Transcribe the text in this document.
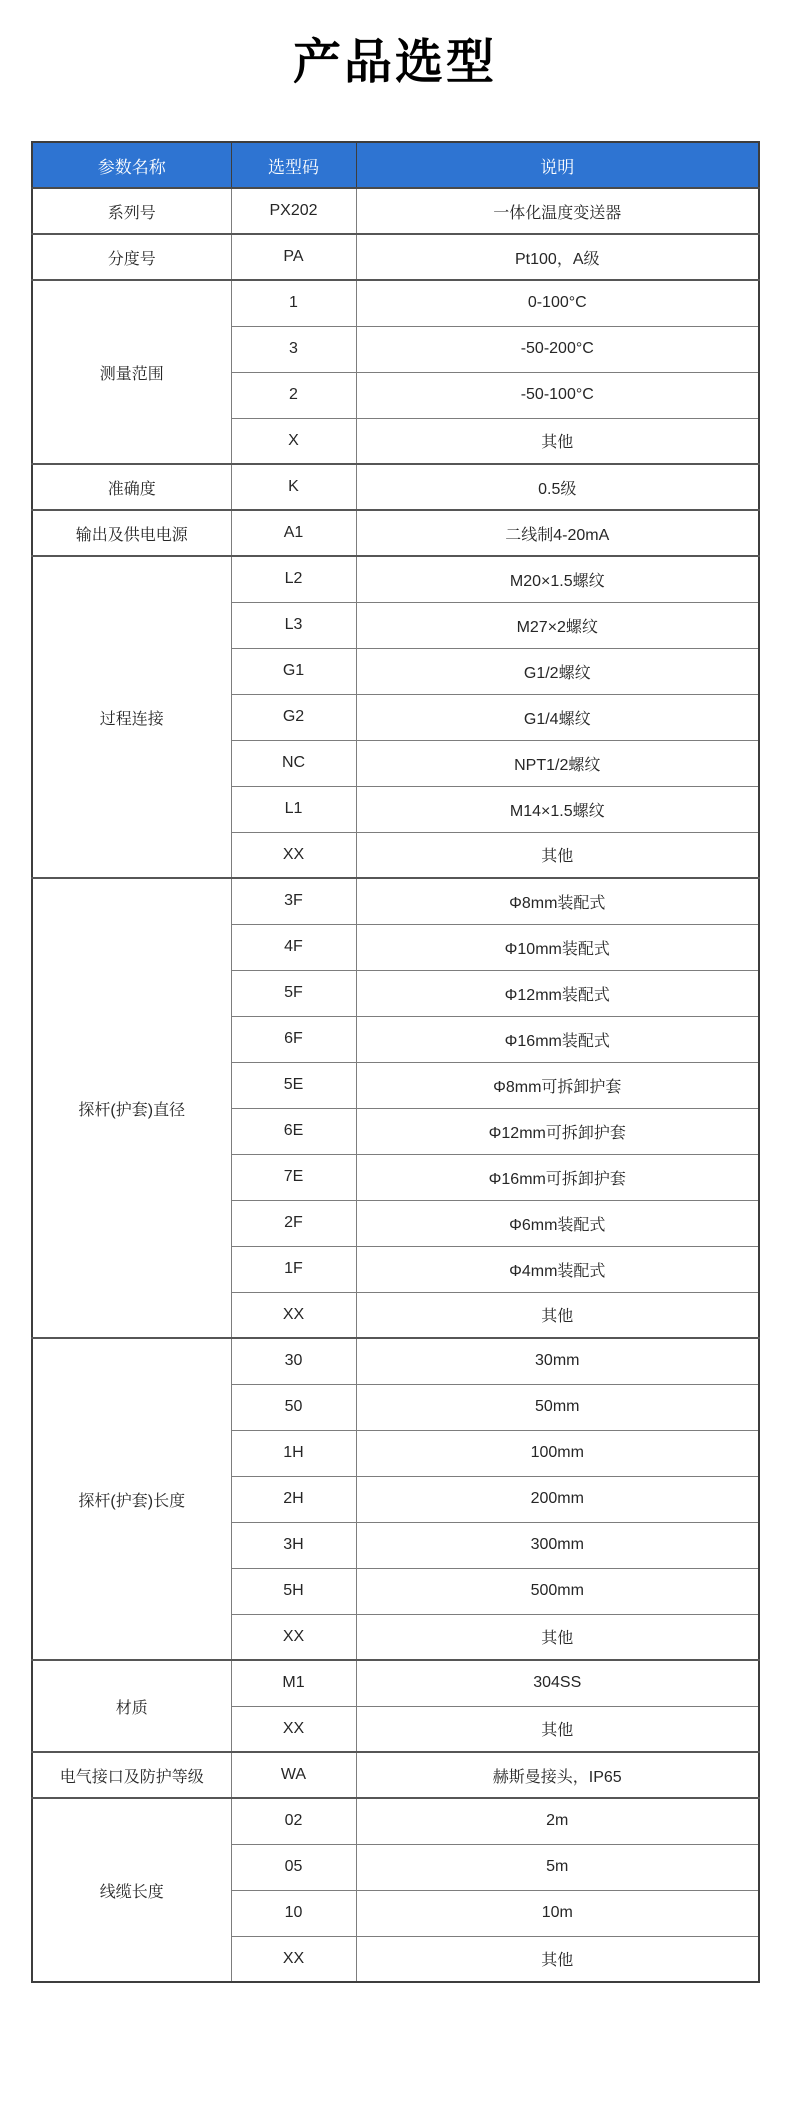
产品选型
参数名称	选型码	说明
系列号	PX202	一体化温度变送器
分度号	PA	Pt100，A级
测量范围	1	0-100°C
	3	-50-200°C
	2	-50-100°C
	X	其他
准确度	K	0.5级
输出及供电电源	A1	二线制4-20mA
过程连接	L2	M20×1.5螺纹
	L3	M27×2螺纹
	G1	G1/2螺纹
	G2	G1/4螺纹
	NC	NPT1/2螺纹
	L1	M14×1.5螺纹
	XX	其他
探杆(护套)直径	3F	Φ8mm装配式
	4F	Φ10mm装配式
	5F	Φ12mm装配式
	6F	Φ16mm装配式
	5E	Φ8mm可拆卸护套
	6E	Φ12mm可拆卸护套
	7E	Φ16mm可拆卸护套
	2F	Φ6mm装配式
	1F	Φ4mm装配式
	XX	其他
探杆(护套)长度	30	30mm
	50	50mm
	1H	100mm
	2H	200mm
	3H	300mm
	5H	500mm
	XX	其他
材质	M1	304SS
	XX	其他
电气接口及防护等级	WA	赫斯曼接头，IP65
线缆长度	02	2m
	05	5m
	10	10m
	XX	其他
